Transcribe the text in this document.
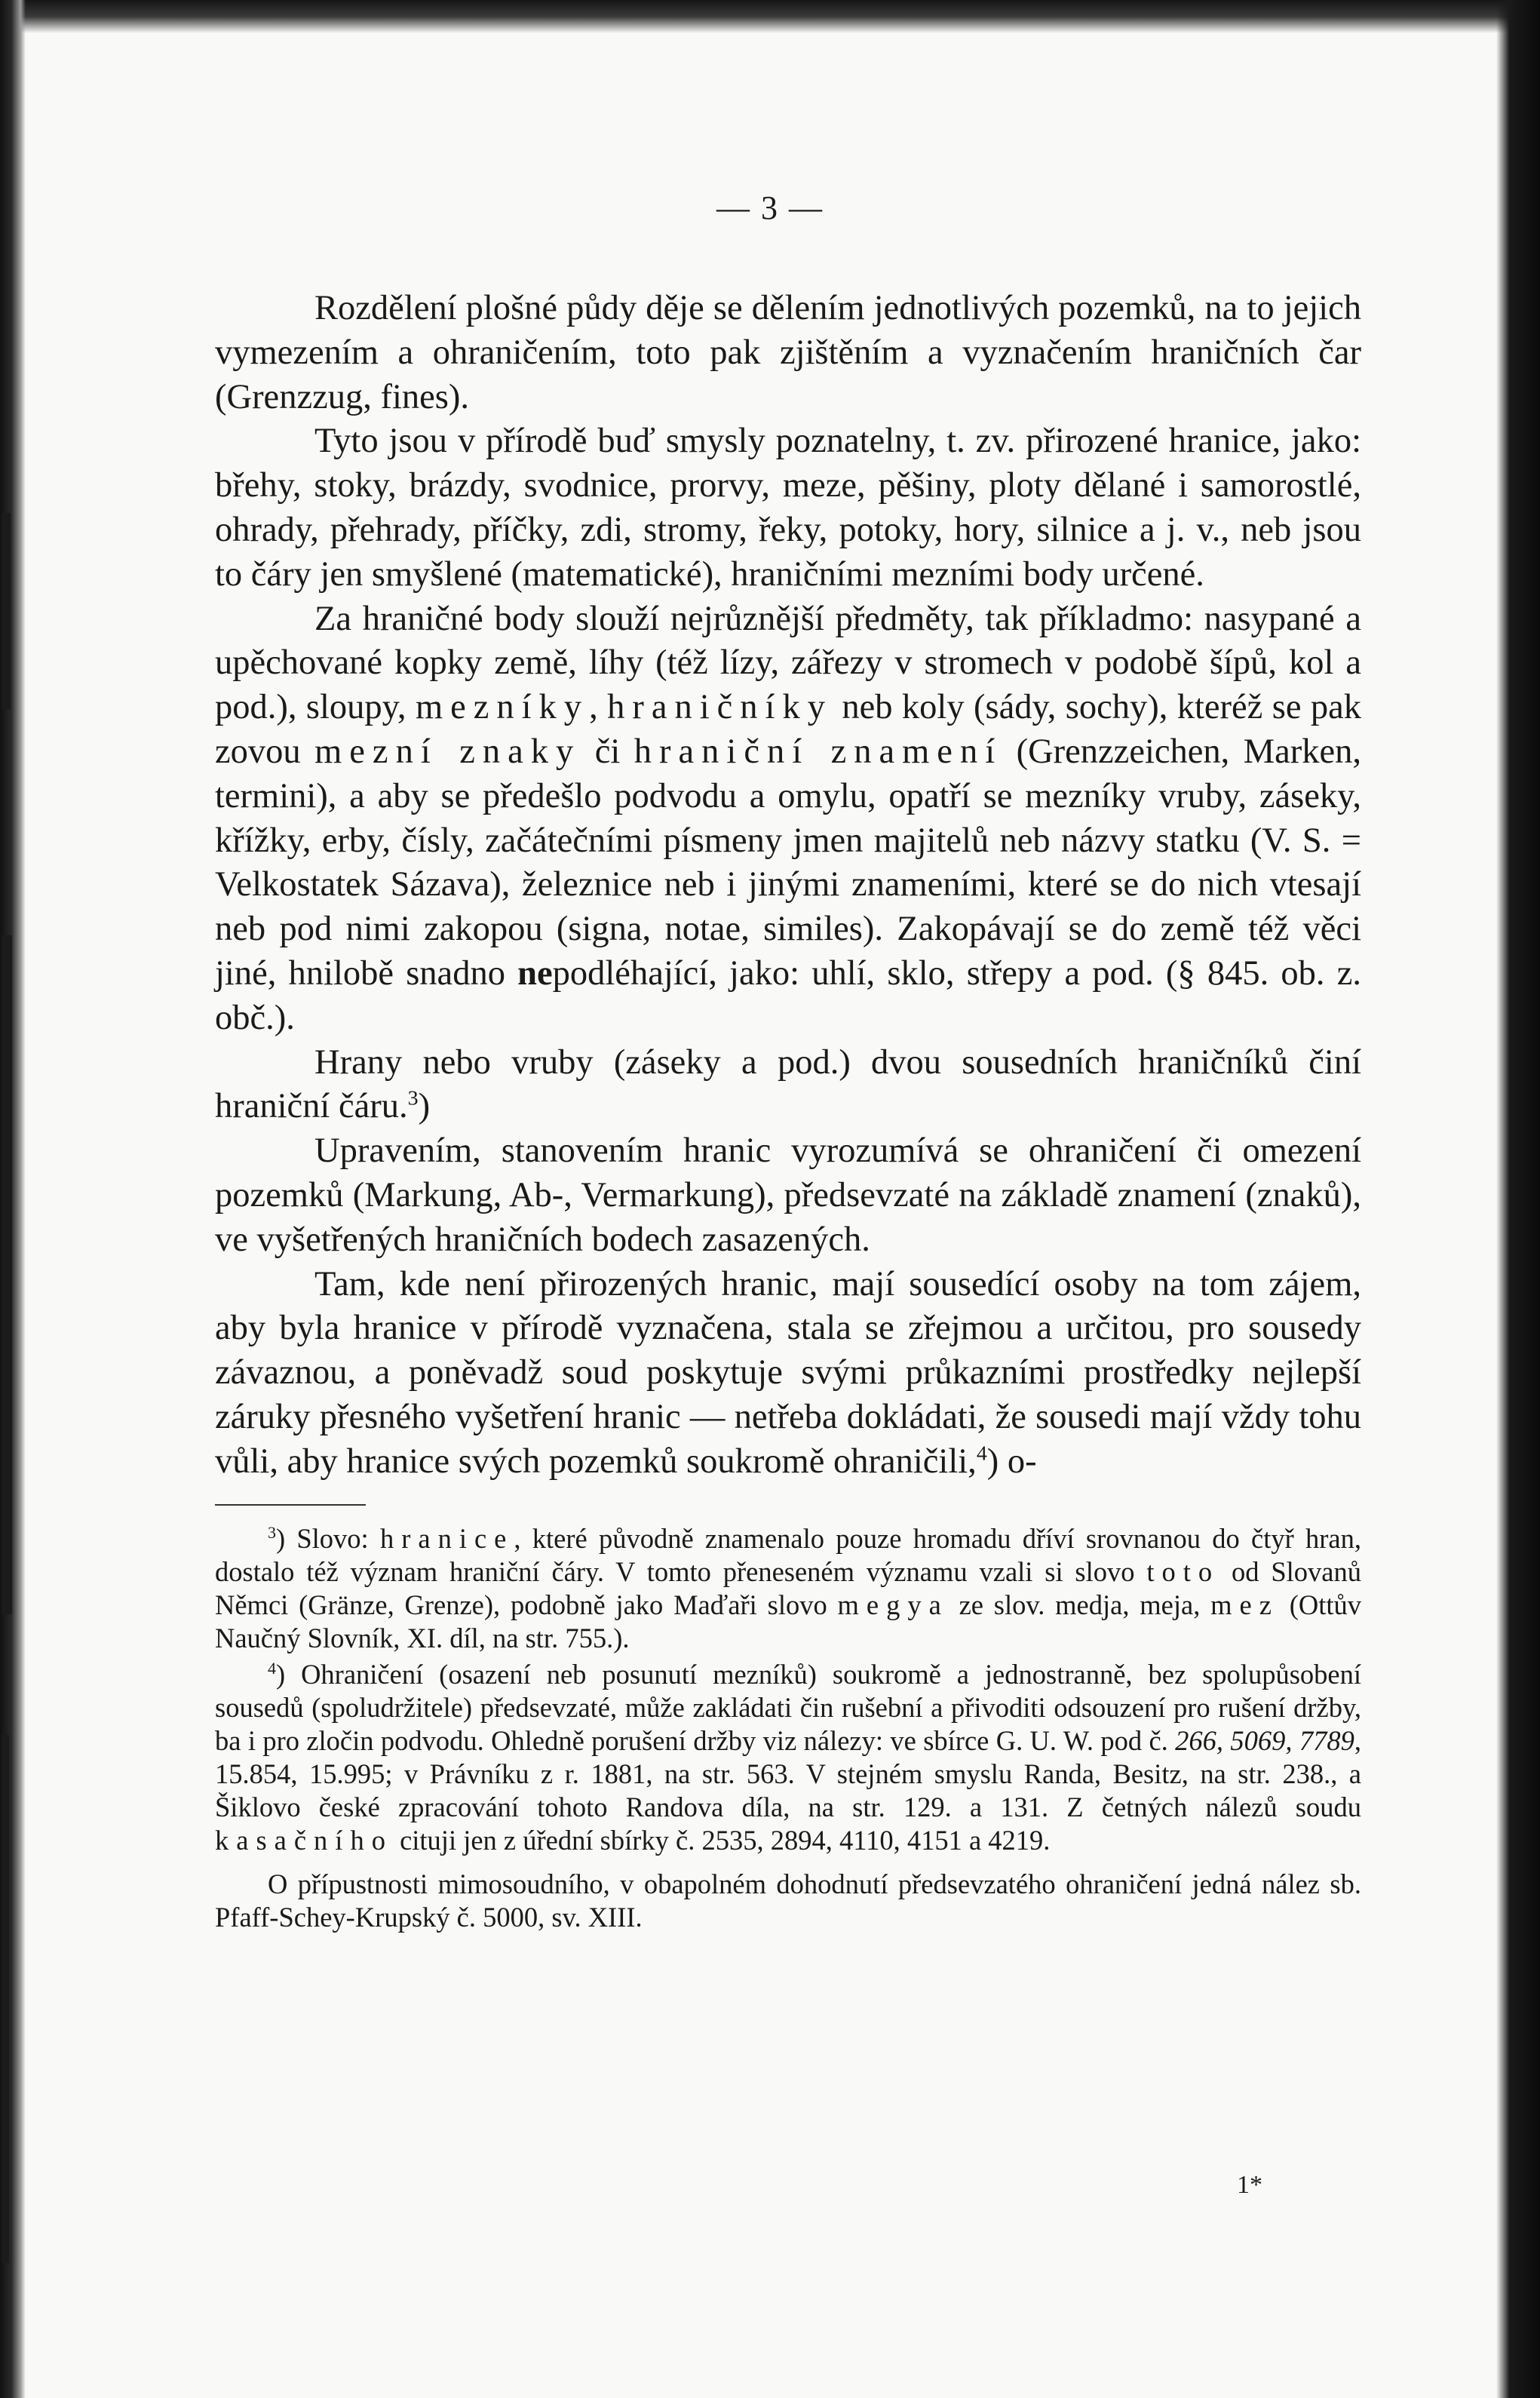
— 3 —

Rozdělení plošné půdy děje se dělením jednotlivých pozemků, na to jejich vymezením a ohraničením, toto pak zjištěním a vyznačením hraničních čar (Grenzzug, fines).

Tyto jsou v přírodě buď smysly poznatelny, t. zv. přirozené hranice, jako: břehy, stoky, brázdy, svodnice, prorvy, meze, pěšiny, ploty dělané i samorostlé, ohrady, přehrady, příčky, zdi, stromy, řeky, potoky, hory, silnice a j. v., neb jsou to čáry jen smyšlené (matematické), hraničními mezními body určené.

Za hraničné body slouží nejrůznější předměty, tak příkladmo: nasypané a upěchované kopky země, líhy (též lízy, zářezy v stromech v podobě šípů, kol a pod.), sloupy, mezníky, hraničníky neb koly (sády, sochy), kteréž se pak zovou mezní znaky či hraniční znamení (Grenzzeichen, Marken, termini), a aby se předešlo podvodu a omylu, opatří se mezníky vruby, záseky, křížky, erby, čísly, začátečními písmeny jmen majitelů neb názvy statku (V. S. = Velkostatek Sázava), železnice neb i jinými znameními, které se do nich vtesají neb pod nimi zakopou (signa, notae, similes). Zakopávají se do země též věci jiné, hnilobě snadno nepodléhající, jako: uhlí, sklo, střepy a pod. (§ 845. ob. z. obč.).

Hrany nebo vruby (záseky a pod.) dvou sousedních hraničníků činí hraniční čáru.$^3$)

Upravením, stanovením hranic vyrozumívá se ohraničení či omezení pozemků (Markung, Ab-, Vermarkung), předsevzaté na základě znamení (znaků), ve vyšetřených hraničních bodech zasazených.

Tam, kde není přirozených hranic, mají sousedící osoby na tom zájem, aby byla hranice v přírodě vyznačena, stala se zřejmou a určitou, pro sousedy závaznou, a poněvadž soud poskytuje svými průkazními prostředky nejlepší záruky přesného vyšetření hranic — netřeba dokládati, že sousedi mají vždy tohu vůli, aby hranice svých pozemků soukromě ohraničili,$^4$) o-

$^3$) Slovo: hranice, které původně znamenalo pouze hromadu dříví srovnanou do čtyř hran, dostalo též význam hraniční čáry. V tomto přeneseném významu vzali si slovo toto od Slovanů Němci (Gränze, Grenze), podobně jako Maďaři slovo megya ze slov. medja, meja, mez (Ottův Naučný Slovník, XI. díl, na str. 755.).

$^4$) Ohraničení (osazení neb posunutí mezníků) soukromě a jednostranně, bez spolupůsobení sousedů (spoludržitele) předsevzaté, může zakládati čin rušební a přivoditi odsouzení pro rušení držby, ba i pro zločin podvodu. Ohledně porušení držby viz nálezy: ve sbírce G. U. W. pod č. 266, 5069, 7789, 15.854, 15.995; v Právníku z r. 1881, na str. 563. V stejném smyslu Randa, Besitz, na str. 238., a Šiklovo české zpracování tohoto Randova díla, na str. 129. a 131. Z četných nálezů soudu kasačního cituji jen z úřední sbírky č. 2535, 2894, 4110, 4151 a 4219.

O přípustnosti mimosoudního, v obapolném dohodnutí předsevzatého ohraničení jedná nález sb. Pfaff-Schey-Krupský č. 5000, sv. XIII.

1*
